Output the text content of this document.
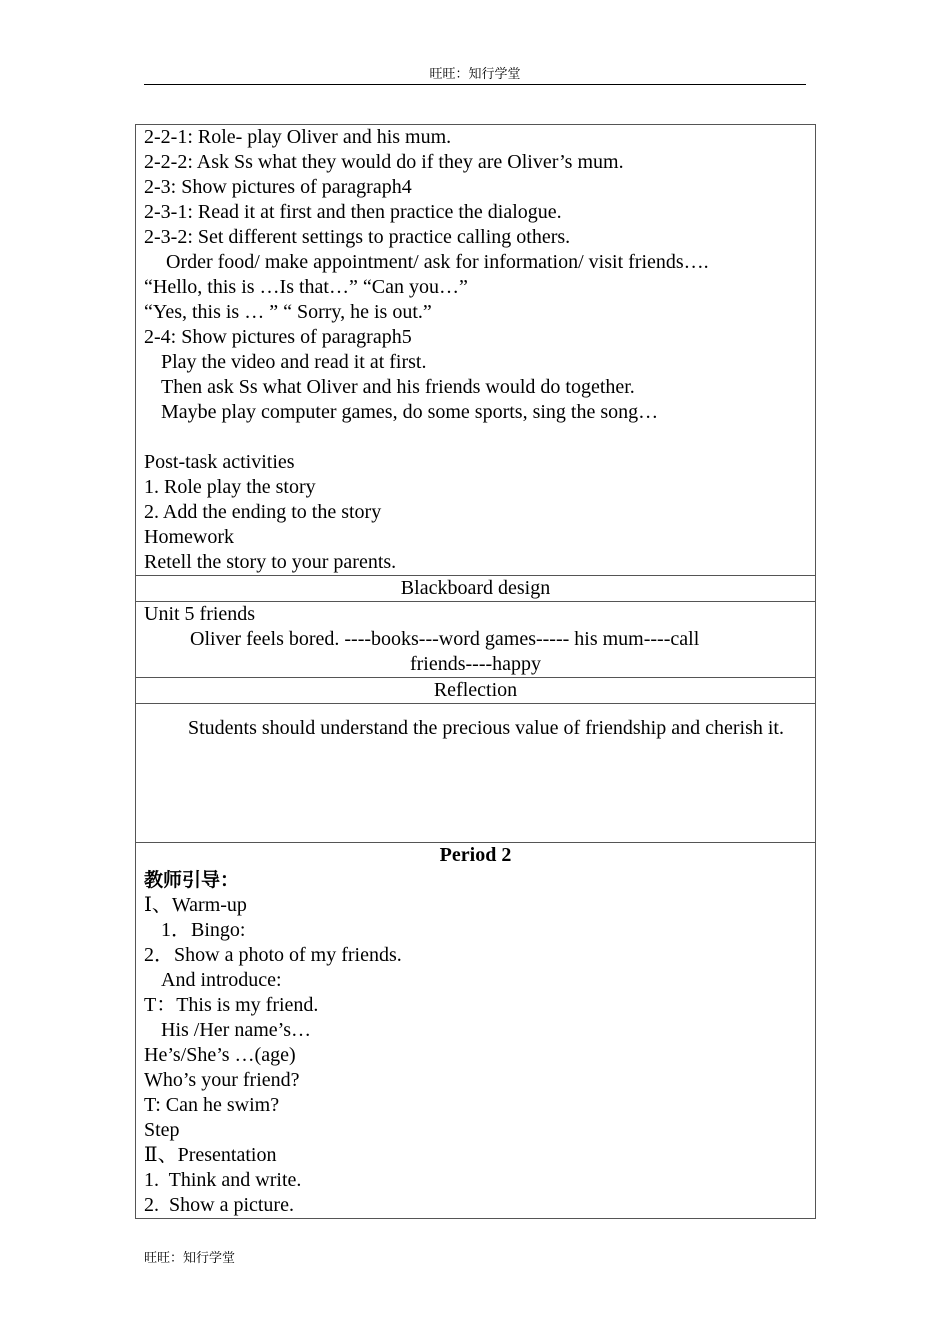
旺旺：知行学堂
2-2-1: Role- play Oliver and his mum.
2-2-2: Ask Ss what they would do if they are Oliver’s mum.
2-3: Show pictures of paragraph4
2-3-1: Read it at first and then practice the dialogue.
2-3-2: Set different settings to practice calling others.
Order food/ make appointment/ ask for information/ visit friends….
“Hello, this is …Is that…” “Can you…”
“Yes, this is … ” “ Sorry, he is out.”
2-4: Show pictures of paragraph5
Play the video and read it at first.
Then ask Ss what Oliver and his friends would do together.
Maybe play computer games, do some sports, sing the song…
Post-task activities
1. Role play the story
2. Add the ending to the story
Homework
Retell the story to your parents.

Blackboard design

Unit 5 friends
Oliver feels bored. ----books---word games----- his mum----call
friends----happy

Reflection

Students should understand the precious value of friendship and cherish it.

Period 2
教师引导：
Ⅰ、Warm-up
1．Bingo:
2．Show a photo of my friends.
And introduce:
T：This is my friend.
His /Her name’s…
He’s/She’s …(age)
Who’s your friend?
T: Can he swim?
Step
Ⅱ、Presentation
1.  Think and write.
2.  Show a picture.
旺旺：知行学堂
